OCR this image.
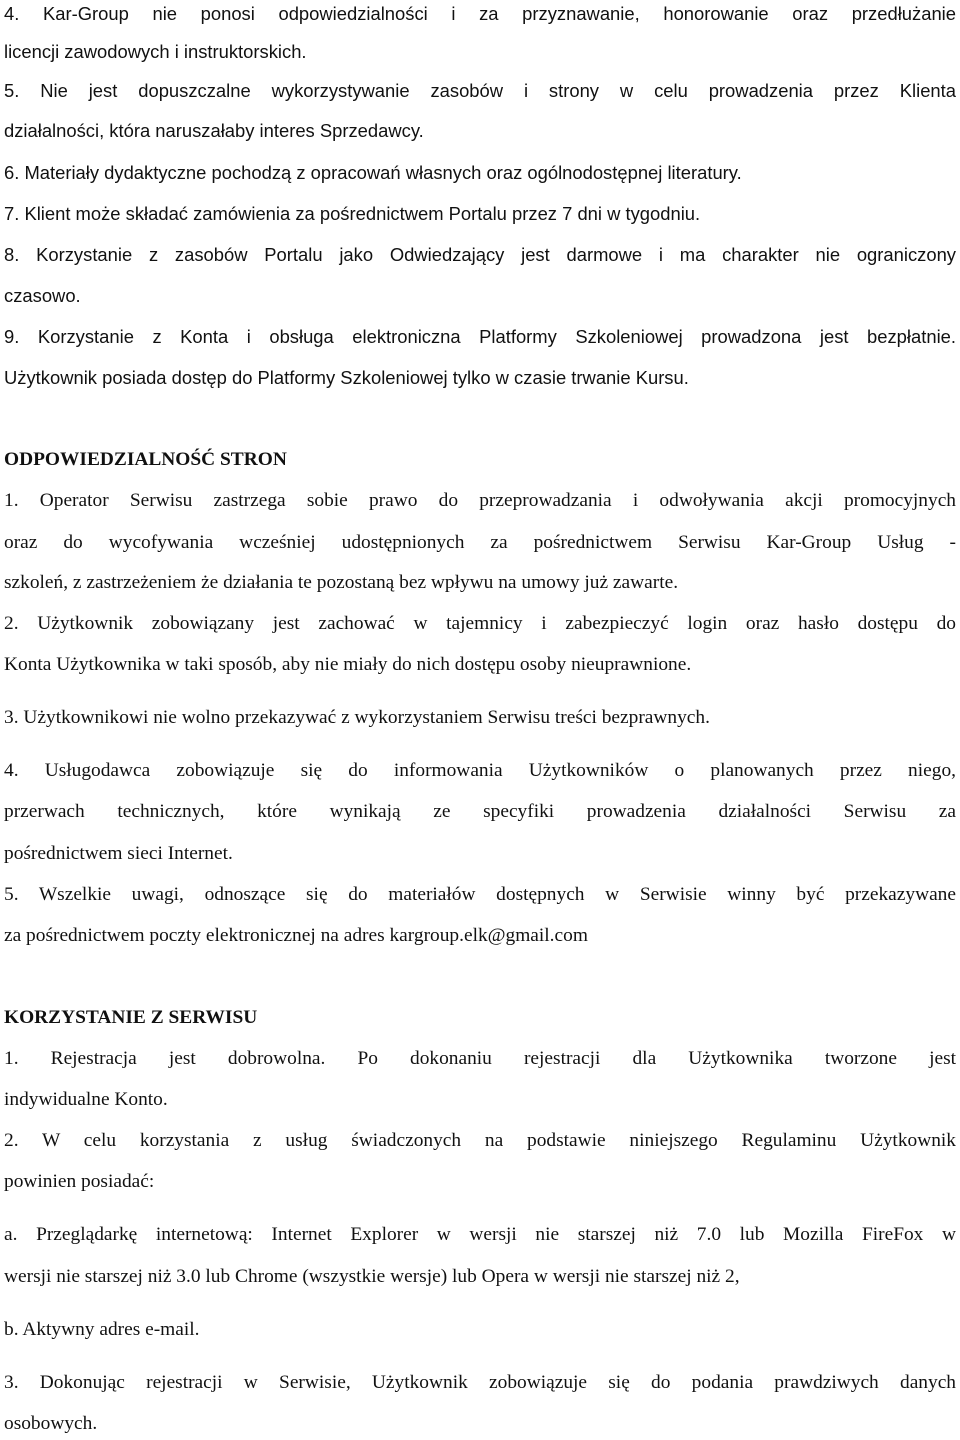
4. Kar-Group nie ponosi odpowiedzialności i za przyznawanie, honorowanie oraz przedłużanie

licencji zawodowych i instruktorskich.

5. Nie jest dopuszczalne wykorzystywanie zasobów i strony w celu prowadzenia przez Klienta

działalności, która naruszałaby interes Sprzedawcy.

6. Materiały dydaktyczne pochodzą z opracowań własnych oraz ogólnodostępnej literatury.

7. Klient może składać zamówienia za pośrednictwem Portalu przez 7 dni w tygodniu.

8. Korzystanie z zasobów Portalu jako Odwiedzający jest darmowe i ma charakter nie ograniczony

czasowo.

9. Korzystanie z Konta i obsługa elektroniczna Platformy Szkoleniowej prowadzona jest bezpłatnie.

Użytkownik posiada dostęp do Platformy Szkoleniowej tylko w czasie trwanie Kursu.

ODPOWIEDZIALNOŚĆ STRON

1. Operator Serwisu zastrzega sobie prawo do przeprowadzania i odwoływania akcji promocyjnych

oraz do wycofywania wcześniej udostępnionych za pośrednictwem Serwisu Kar-Group Usług -

szkoleń, z zastrzeżeniem że działania te pozostaną bez wpływu na umowy już zawarte.

2. Użytkownik zobowiązany jest zachować w tajemnicy i zabezpieczyć login oraz hasło dostępu do

Konta Użytkownika w taki sposób, aby nie miały do nich dostępu osoby nieuprawnione.

3. Użytkownikowi nie wolno przekazywać z wykorzystaniem Serwisu treści bezprawnych.

4. Usługodawca zobowiązuje się do informowania Użytkowników o planowanych przez niego,

przerwach technicznych, które wynikają ze specyfiki prowadzenia działalności Serwisu za

pośrednictwem sieci Internet.

5. Wszelkie uwagi, odnoszące się do materiałów dostępnych w Serwisie winny być przekazywane

za pośrednictwem poczty elektronicznej na adres kargroup.elk@gmail.com

KORZYSTANIE Z SERWISU

1. Rejestracja jest dobrowolna. Po dokonaniu rejestracji dla Użytkownika tworzone jest

indywidualne Konto.

2. W celu korzystania z usług świadczonych na podstawie niniejszego Regulaminu Użytkownik

powinien posiadać:

a. Przeglądarkę internetową: Internet Explorer w wersji nie starszej niż 7.0 lub Mozilla FireFox w

wersji nie starszej niż 3.0 lub Chrome (wszystkie wersje) lub Opera w wersji nie starszej niż 2,

b. Aktywny adres e-mail.

3. Dokonując rejestracji w Serwisie, Użytkownik zobowiązuje się do podania prawdziwych danych

osobowych.
